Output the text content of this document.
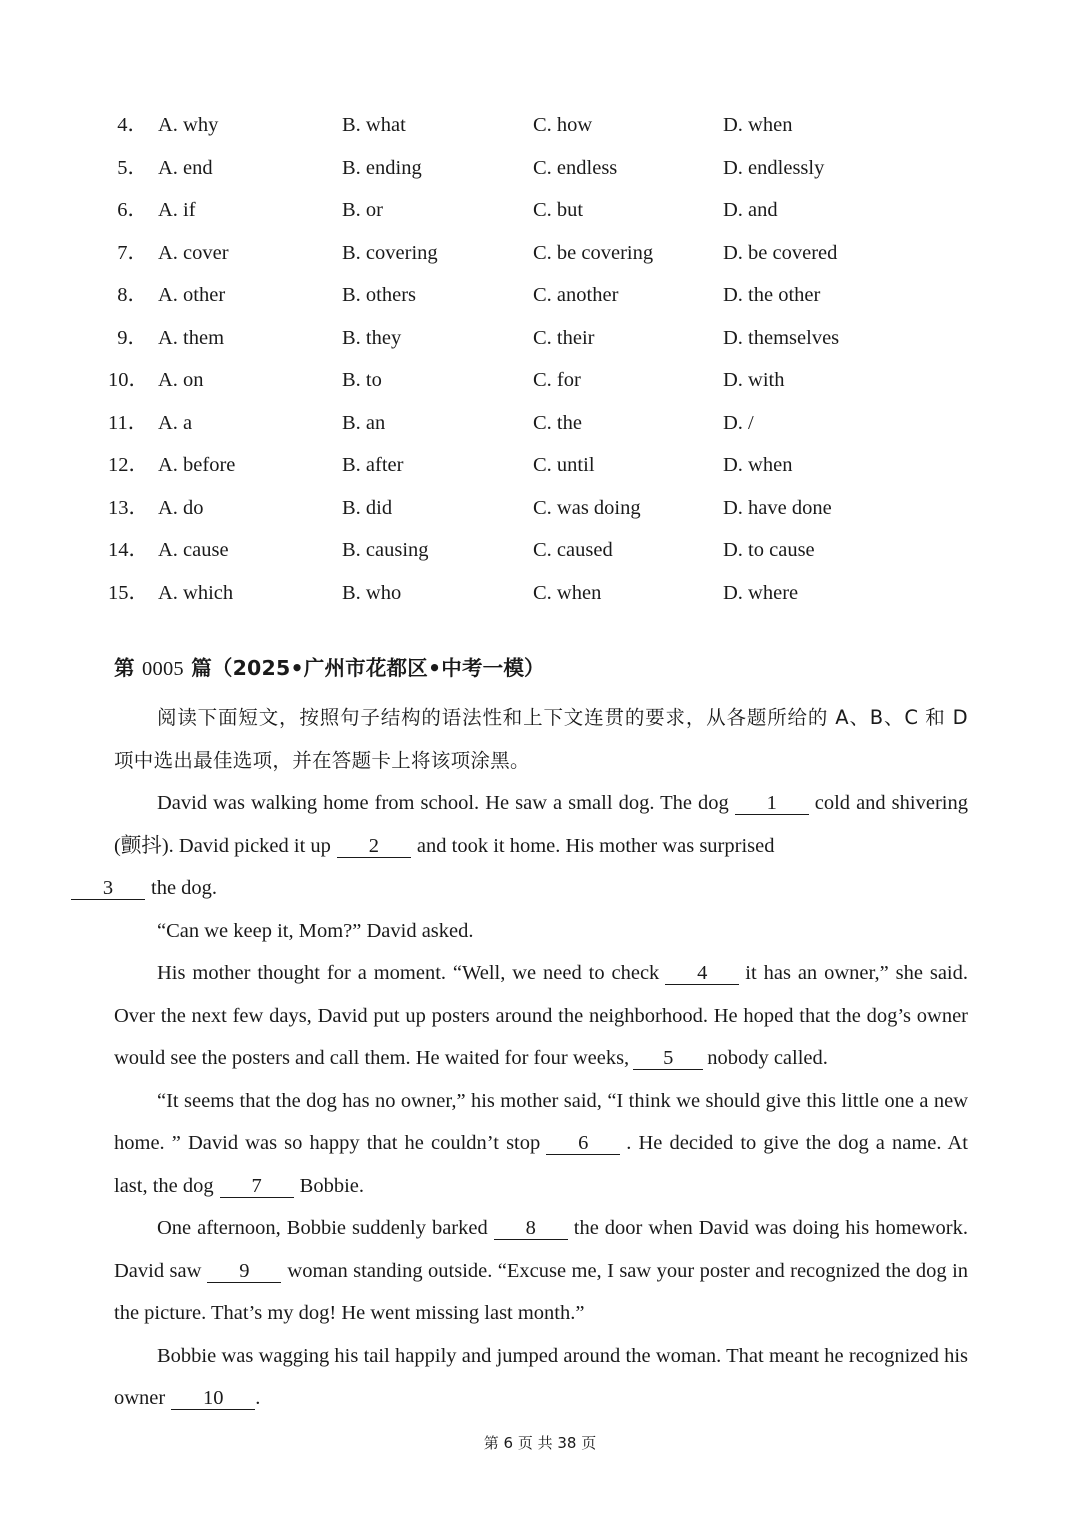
4． A. why	B. what	C. how	D. when
5． A. end	B. ending	C. endless	D. endlessly
6． A. if	B. or	C. but	D. and
7． A. cover	B. covering	C. be covering	D. be covered
8． A. other	B. others	C. another	D. the other
9． A. them	B. they	C. their	D. themselves
10． A. on	B. to	C. for	D. with
11． A. a	B. an	C. the	D. /
12． A. before	B. after	C. until	D. when
13． A. do	B. did	C. was doing	D. have done
14． A. cause	B. causing	C. caused	D. to cause
15． A. which	B. who	C. when	D. where
第 0005 篇（2025•广州市花都区•中考一模）

阅读下面短文，按照句子结构的语法性和上下文连贯的要求，从各题所给的 A、B、C 和 D 项中选出最佳选项，并在答题卡上将该项涂黑。

David was walking home from school. He saw a small dog. The dog 1 cold and shivering (颤抖). David picked it up 2 and took it home. His mother was surprised
3 the dog.

“Can we keep it, Mom?” David asked.

His mother thought for a moment. “Well, we need to check 4 it has an owner,” she said. Over the next few days, David put up posters around the neighborhood. He hoped that the dog’s owner would see the posters and call them. He waited for four weeks, 5 nobody called.

“It seems that the dog has no owner,” his mother said, “I think we should give this little one a new home. ” David was so happy that he couldn’t stop 6 . He decided to give the dog a name. At last, the dog 7 Bobbie.

One afternoon, Bobbie suddenly barked 8 the door when David was doing his homework. David saw 9 woman standing outside. “Excuse me, I saw your poster and recognized the dog in the picture. That’s my dog! He went missing last month.”

Bobbie was wagging his tail happily and jumped around the woman. That meant he recognized his owner 10 .

第 6 页 共 38 页
